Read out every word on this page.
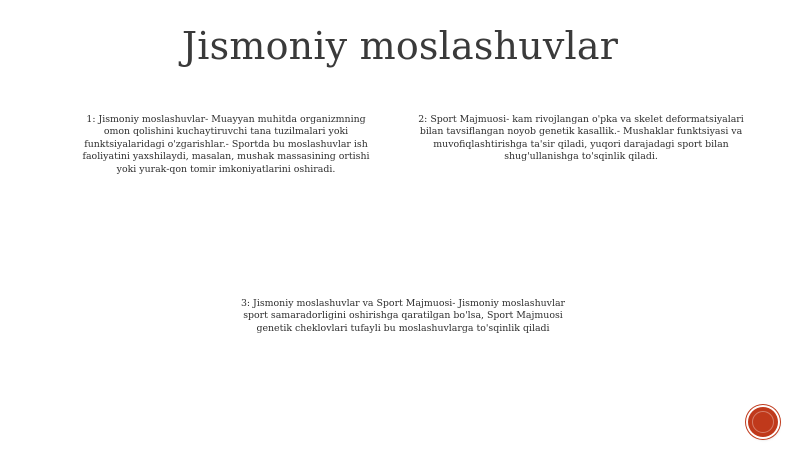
Jismoniy moslashuvlar
1: Jismoniy moslashuvlar- Muayyan muhitda organizmning omon qolishini kuchaytiruvchi tana tuzilmalari yoki funktsiyalaridagi o'zgarishlar.- Sportda bu moslashuvlar ish faoliyatini yaxshilaydi, masalan, mushak massasining ortishi yoki yurak-qon tomir imkoniyatlarini oshiradi.
2: Sport Majmuosi- kam rivojlangan o'pka va skelet deformatsiyalari bilan tavsiflangan noyob genetik kasallik.- Mushaklar funktsiyasi va muvofiqlashtirishga ta'sir qiladi, yuqori darajadagi sport bilan shug'ullanishga to'sqinlik qiladi.
3: Jismoniy moslashuvlar va Sport Majmuosi- Jismoniy moslashuvlar sport samaradorligini oshirishga qaratilgan bo'lsa, Sport Majmuosi genetik cheklovlari tufayli bu moslashuvlarga to'sqinlik qiladi
